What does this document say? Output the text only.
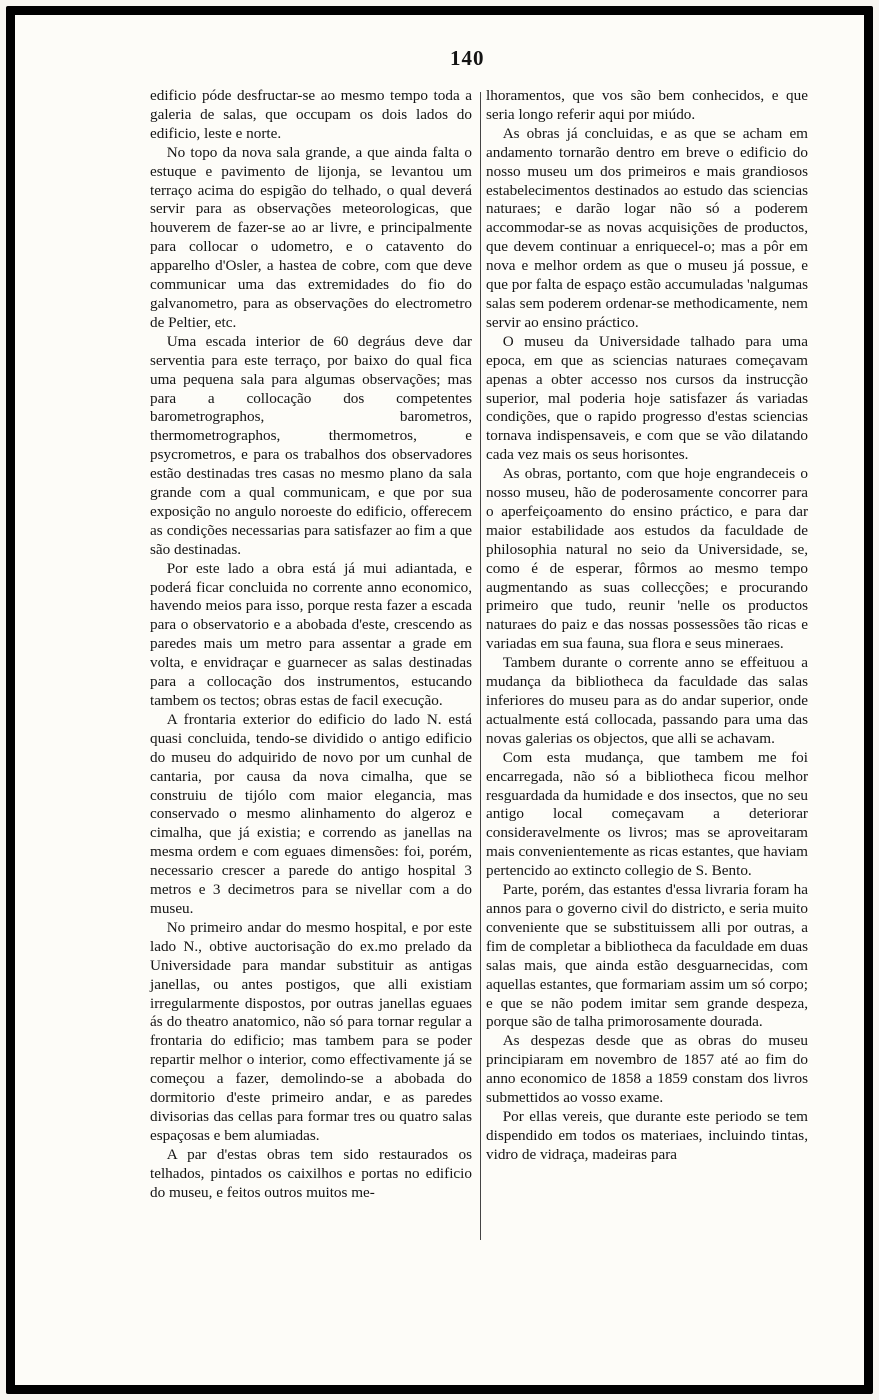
140

edificio póde desfructar-se ao mesmo tempo toda a galeria de salas, que occupam os dois lados do edificio, leste e norte.

No topo da nova sala grande, a que ainda falta o estuque e pavimento de lijonja, se levantou um terraço acima do espigão do telhado, o qual deverá servir para as observações meteorologicas, que houverem de fazer-se ao ar livre, e principalmente para collocar o udometro, e o catavento do apparelho d'Osler, a hastea de cobre, com que deve communicar uma das extremidades do fio do galvanometro, para as observações do electrometro de Peltier, etc.

Uma escada interior de 60 degráus deve dar serventia para este terraço, por baixo do qual fica uma pequena sala para algumas observações; mas para a collocação dos competentes barometrographos, barometros, thermometrographos, thermometros, e psycrometros, e para os trabalhos dos observadores estão destinadas tres casas no mesmo plano da sala grande com a qual communicam, e que por sua exposição no angulo noroeste do edificio, offerecem as condições necessarias para satisfazer ao fim a que são destinadas.

Por este lado a obra está já mui adiantada, e poderá ficar concluida no corrente anno economico, havendo meios para isso, porque resta fazer a escada para o observatorio e a abobada d'este, crescendo as paredes mais um metro para assentar a grade em volta, e envidraçar e guarnecer as salas destinadas para a collocação dos instrumentos, estucando tambem os tectos; obras estas de facil execução.

A frontaria exterior do edificio do lado N. está quasi concluida, tendo-se dividido o antigo edificio do museu do adquirido de novo por um cunhal de cantaria, por causa da nova cimalha, que se construiu de tijólo com maior elegancia, mas conservado o mesmo alinhamento do algeroz e cimalha, que já existia; e correndo as janellas na mesma ordem e com eguaes dimensões: foi, porém, necessario crescer a parede do antigo hospital 3 metros e 3 decimetros para se nivellar com a do museu.

No primeiro andar do mesmo hospital, e por este lado N., obtive auctorisação do ex.mo prelado da Universidade para mandar substituir as antigas janellas, ou antes postigos, que alli existiam irregularmente dispostos, por outras janellas eguaes ás do theatro anatomico, não só para tornar regular a frontaria do edificio; mas tambem para se poder repartir melhor o interior, como effectivamente já se começou a fazer, demolindo-se a abobada do dormitorio d'este primeiro andar, e as paredes divisorias das cellas para formar tres ou quatro salas espaçosas e bem alumiadas.

A par d'estas obras tem sido restaurados os telhados, pintados os caixilhos e portas no edificio do museu, e feitos outros muitos me-

lhoramentos, que vos são bem conhecidos, e que seria longo referir aqui por miúdo.

As obras já concluidas, e as que se acham em andamento tornarão dentro em breve o edificio do nosso museu um dos primeiros e mais grandiosos estabelecimentos destinados ao estudo das sciencias naturaes; e darão logar não só a poderem accommodar-se as novas acquisições de productos, que devem continuar a enriquecel-o; mas a pôr em nova e melhor ordem as que o museu já possue, e que por falta de espaço estão accumuladas 'nalgumas salas sem poderem ordenar-se methodicamente, nem servir ao ensino práctico.

O museu da Universidade talhado para uma epoca, em que as sciencias naturaes começavam apenas a obter accesso nos cursos da instrucção superior, mal poderia hoje satisfazer ás variadas condições, que o rapido progresso d'estas sciencias tornava indispensaveis, e com que se vão dilatando cada vez mais os seus horisontes.

As obras, portanto, com que hoje engrandeceis o nosso museu, hão de poderosamente concorrer para o aperfeiçoamento do ensino práctico, e para dar maior estabilidade aos estudos da faculdade de philosophia natural no seio da Universidade, se, como é de esperar, fôrmos ao mesmo tempo augmentando as suas collecções; e procurando primeiro que tudo, reunir 'nelle os productos naturaes do paiz e das nossas possessões tão ricas e variadas em sua fauna, sua flora e seus mineraes.

Tambem durante o corrente anno se effeituou a mudança da bibliotheca da faculdade das salas inferiores do museu para as do andar superior, onde actualmente está collocada, passando para uma das novas galerias os objectos, que alli se achavam.

Com esta mudança, que tambem me foi encarregada, não só a bibliotheca ficou melhor resguardada da humidade e dos insectos, que no seu antigo local começavam a deteriorar consideravelmente os livros; mas se aproveitaram mais convenientemente as ricas estantes, que haviam pertencido ao extincto collegio de S. Bento.

Parte, porém, das estantes d'essa livraria foram ha annos para o governo civil do districto, e seria muito conveniente que se substituissem alli por outras, a fim de completar a bibliotheca da faculdade em duas salas mais, que ainda estão desguarnecidas, com aquellas estantes, que formariam assim um só corpo; e que se não podem imitar sem grande despeza, porque são de talha primorosamente dourada.

As despezas desde que as obras do museu principiaram em novembro de 1857 até ao fim do anno economico de 1858 a 1859 constam dos livros submettidos ao vosso exame.

Por ellas vereis, que durante este periodo se tem dispendido em todos os materiaes, incluindo tintas, vidro de vidraça, madeiras para
